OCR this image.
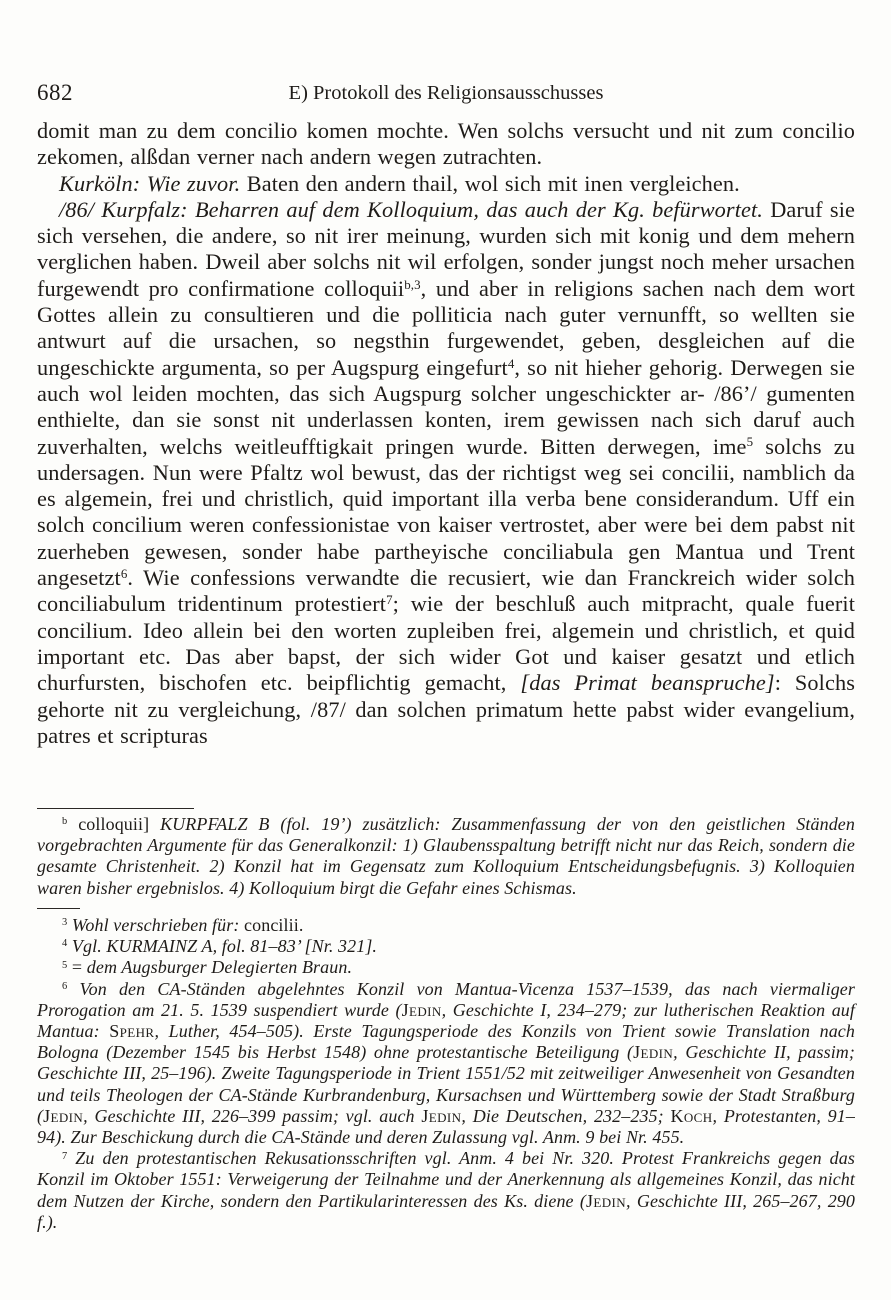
682	E) Protokoll des Religionsausschusses

domit man zu dem concilio komen mochte. Wen solchs versucht und nit zum concilio zekomen, alßdan verner nach andern wegen zutrachten.

Kurköln: Wie zuvor. Baten den andern thail, wol sich mit inen vergleichen.

/86/ Kurpfalz: Beharren auf dem Kolloquium, das auch der Kg. befürwortet. Daruf sie sich versehen, die andere, so nit irer meinung, wurden sich mit konig und dem mehern verglichen haben. Dweil aber solchs nit wil erfolgen, sonder jungst noch meher ursachen furgewendt pro confirmatione colloquii$^{b,3}$, und aber in religions sachen nach dem wort Gottes allein zu consultieren und die polliticia nach guter vernunfft, so wellten sie antwurt auf die ursachen, so negsthin furgewendet, geben, desgleichen auf die ungeschickte argumenta, so per Augspurg eingefurt$^4$, so nit hieher gehorig. Derwegen sie auch wol leiden mochten, das sich Augspurg solcher ungeschickter ar- /86’/ gumenten enthielte, dan sie sonst nit underlassen konten, irem gewissen nach sich daruf auch zuverhalten, welchs weitleufftigkait pringen wurde. Bitten derwegen, ime$^5$ solchs zu undersagen. Nun were Pfaltz wol bewust, das der richtigst weg sei concilii, namblich da es algemein, frei und christlich, quid important illa verba bene considerandum. Uff ein solch concilium weren confessionistae von kaiser vertrostet, aber were bei dem pabst nit zuerheben gewesen, sonder habe partheyische conciliabula gen Mantua und Trent angesetzt$^6$. Wie confessions verwandte die recusiert, wie dan Franckreich wider solch conciliabulum tridentinum protestiert$^7$; wie der beschluß auch mitpracht, quale fuerit concilium. Ideo allein bei den worten zupleiben frei, algemein und christlich, et quid important etc. Das aber bapst, der sich wider Got und kaiser gesatzt und etlich churfursten, bischofen etc. beipflichtig gemacht, [das Primat beanspruche]: Solchs gehorte nit zu vergleichung, /87/ dan solchen primatum hette pabst wider evangelium, patres et scripturas

$^b$ colloquii] KURPFALZ B (fol. 19’) zusätzlich: Zusammenfassung der von den geistlichen Ständen vorgebrachten Argumente für das Generalkonzil: 1) Glaubensspaltung betrifft nicht nur das Reich, sondern die gesamte Christenheit. 2) Konzil hat im Gegensatz zum Kolloquium Entscheidungsbefugnis. 3) Kolloquien waren bisher ergebnislos. 4) Kolloquium birgt die Gefahr eines Schismas.

$^3$ Wohl verschrieben für: concilii.

$^4$ Vgl. KURMAINZ A, fol. 81–83’ [Nr. 321].

$^5$ = dem Augsburger Delegierten Braun.

$^6$ Von den CA-Ständen abgelehntes Konzil von Mantua-Vicenza 1537–1539, das nach viermaliger Prorogation am 21. 5. 1539 suspendiert wurde (Jedin, Geschichte I, 234–279; zur lutherischen Reaktion auf Mantua: Spehr, Luther, 454–505). Erste Tagungsperiode des Konzils von Trient sowie Translation nach Bologna (Dezember 1545 bis Herbst 1548) ohne protestantische Beteiligung (Jedin, Geschichte II, passim; Geschichte III, 25–196). Zweite Tagungsperiode in Trient 1551/52 mit zeitweiliger Anwesenheit von Gesandten und teils Theologen der CA-Stände Kurbrandenburg, Kursachsen und Württemberg sowie der Stadt Straßburg (Jedin, Geschichte III, 226–399 passim; vgl. auch Jedin, Die Deutschen, 232–235; Koch, Protestanten, 91–94). Zur Beschickung durch die CA-Stände und deren Zulassung vgl. Anm. 9 bei Nr. 455.

$^7$ Zu den protestantischen Rekusationsschriften vgl. Anm. 4 bei Nr. 320. Protest Frankreichs gegen das Konzil im Oktober 1551: Verweigerung der Teilnahme und der Anerkennung als allgemeines Konzil, das nicht dem Nutzen der Kirche, sondern den Partikularinteressen des Ks. diene (Jedin, Geschichte III, 265–267, 290 f.).
